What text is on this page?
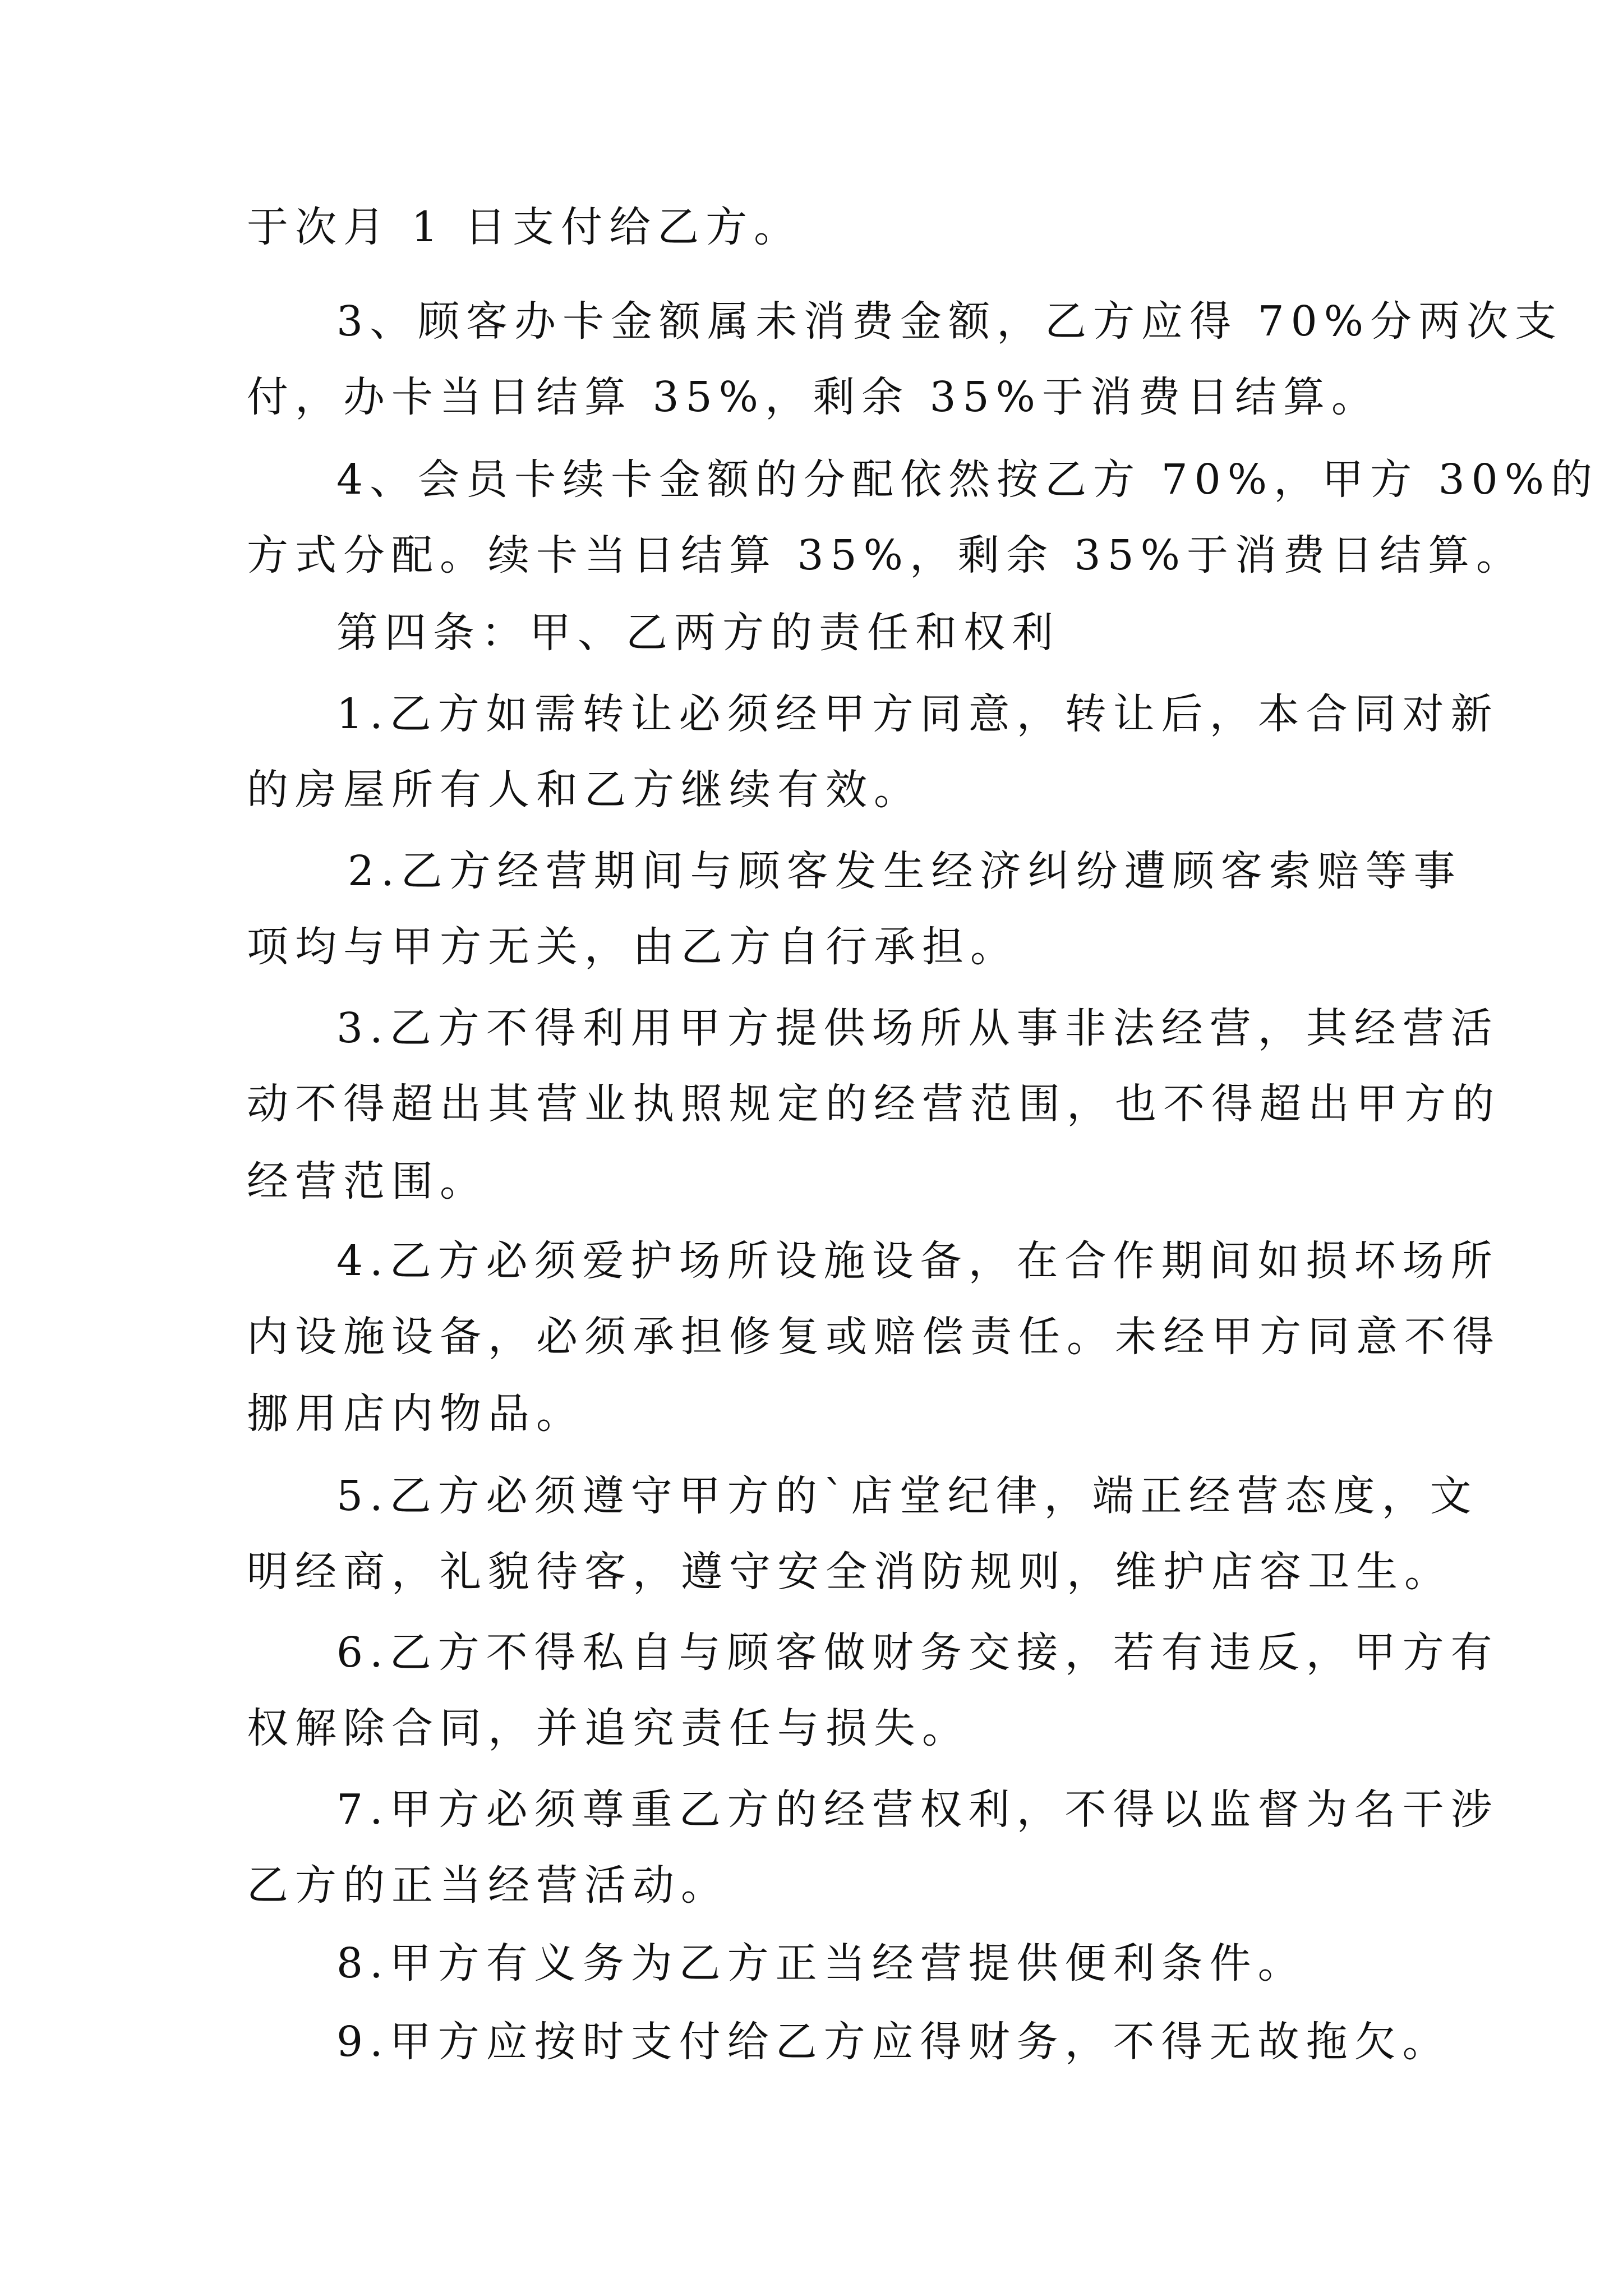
于次月 1 日支付给乙方。
3、顾客办卡金额属未消费金额，乙方应得 70%分两次支
付，办卡当日结算 35%，剩余 35%于消费日结算。
4、会员卡续卡金额的分配依然按乙方 70%，甲方 30%的
方式分配。续卡当日结算 35%，剩余 35%于消费日结算。
第四条：甲、乙两方的责任和权利
1.乙方如需转让必须经甲方同意，转让后，本合同对新
的房屋所有人和乙方继续有效。
2.乙方经营期间与顾客发生经济纠纷遭顾客索赔等事
项均与甲方无关，由乙方自行承担。
3.乙方不得利用甲方提供场所从事非法经营，其经营活
动不得超出其营业执照规定的经营范围，也不得超出甲方的
经营范围。
4.乙方必须爱护场所设施设备，在合作期间如损坏场所
内设施设备，必须承担修复或赔偿责任。未经甲方同意不得
挪用店内物品。
5.乙方必须遵守甲方的`店堂纪律，端正经营态度，文
明经商，礼貌待客，遵守安全消防规则，维护店容卫生。
6.乙方不得私自与顾客做财务交接，若有违反，甲方有
权解除合同，并追究责任与损失。
7.甲方必须尊重乙方的经营权利，不得以监督为名干涉
乙方的正当经营活动。
8.甲方有义务为乙方正当经营提供便利条件。
9.甲方应按时支付给乙方应得财务，不得无故拖欠。
